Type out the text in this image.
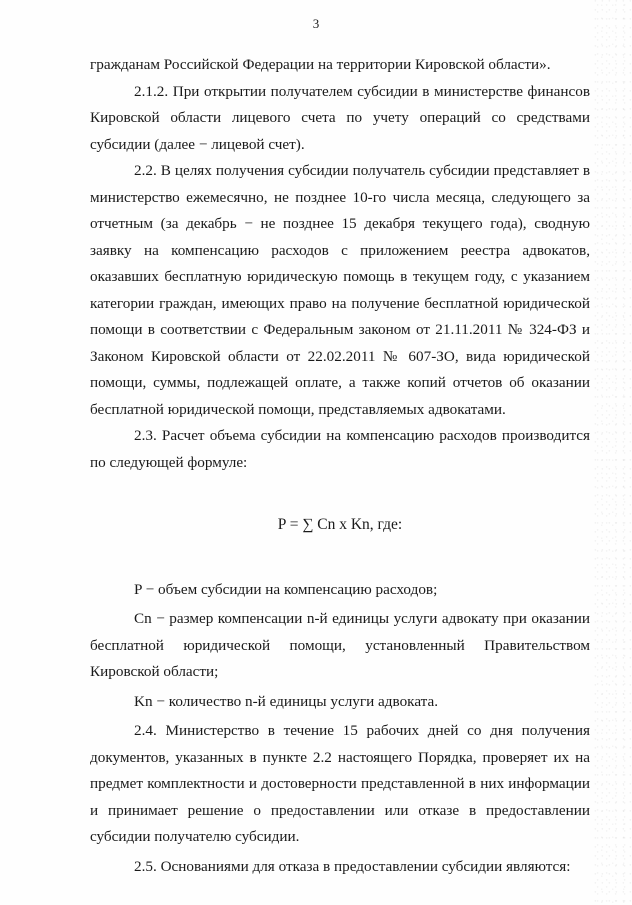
3

гражданам Российской Федерации на территории Кировской области».

2.1.2. При открытии получателем субсидии в министерстве финансов Кировской области лицевого счета по учету операций со средствами субсидии (далее − лицевой счет).

2.2. В целях получения субсидии получатель субсидии представляет в министерство ежемесячно, не позднее 10-го числа месяца, следующего за отчетным (за декабрь − не позднее 15 декабря текущего года), сводную заявку на компенсацию расходов с приложением реестра адвокатов, оказавших бесплатную юридическую помощь в текущем году, с указанием категории граждан, имеющих право на получение бесплатной юридической помощи в соответствии с Федеральным законом от 21.11.2011 № 324-ФЗ и Законом Кировской области от 22.02.2011 № 607-ЗО, вида юридической помощи, суммы, подлежащей оплате, а также копий отчетов об оказании бесплатной юридической помощи, представляемых адвокатами.

2.3. Расчет объема субсидии на компенсацию расходов производится по следующей формуле:

P = ∑ Cn x Kn, где:

P − объем субсидии на компенсацию расходов;

Cn − размер компенсации n-й единицы услуги адвокату при оказании бесплатной юридической помощи, установленный Правительством Кировской области;

Kn − количество n-й единицы услуги адвоката.

2.4. Министерство в течение 15 рабочих дней со дня получения документов, указанных в пункте 2.2 настоящего Порядка, проверяет их на предмет комплектности и достоверности представленной в них информации и принимает решение о предоставлении или отказе в предоставлении субсидии получателю субсидии.

2.5. Основаниями для отказа в предоставлении субсидии являются:
